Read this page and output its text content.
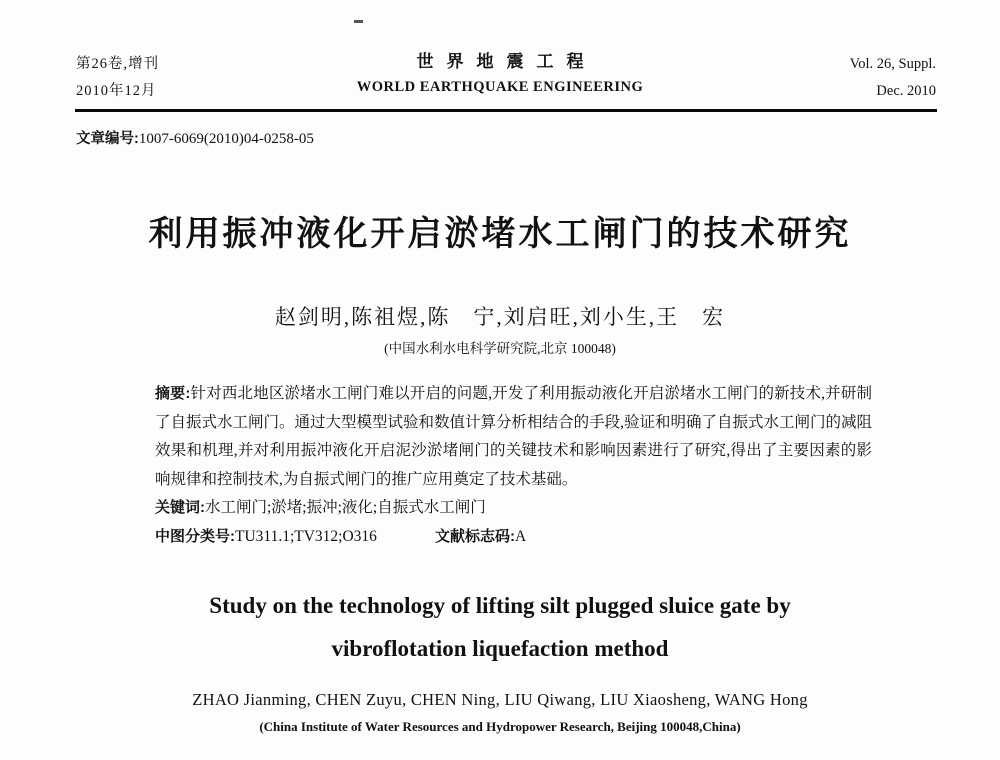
第26卷,增刊
2010年12月
世界地震工程
WORLD EARTHQUAKE ENGINEERING
Vol. 26, Suppl.
Dec. 2010
文章编号:1007-6069(2010)04-0258-05
利用振冲液化开启淤堵水工闸门的技术研究
赵剑明,陈祖煜,陈　宁,刘启旺,刘小生,王　宏
(中国水利水电科学研究院,北京 100048)

摘要:针对西北地区淤堵水工闸门难以开启的问题,开发了利用振动液化开启淤堵水工闸门的新技术,并研制了自振式水工闸门。通过大型模型试验和数值计算分析相结合的手段,验证和明确了自振式水工闸门的减阻效果和机理,并对利用振冲液化开启泥沙淤堵闸门的关键技术和影响因素进行了研究,得出了主要因素的影响规律和控制技术,为自振式闸门的推广应用奠定了技术基础。

关键词:水工闸门;淤堵;振冲;液化;自振式水工闸门

中图分类号:TU311.1;TV312;O316	文献标志码:A

Study on the technology of lifting silt plugged sluice gate by
vibroflotation liquefaction method
ZHAO Jianming, CHEN Zuyu, CHEN Ning, LIU Qiwang, LIU Xiaosheng, WANG Hong
(China Institute of Water Resources and Hydropower Research, Beijing 100048,China)
